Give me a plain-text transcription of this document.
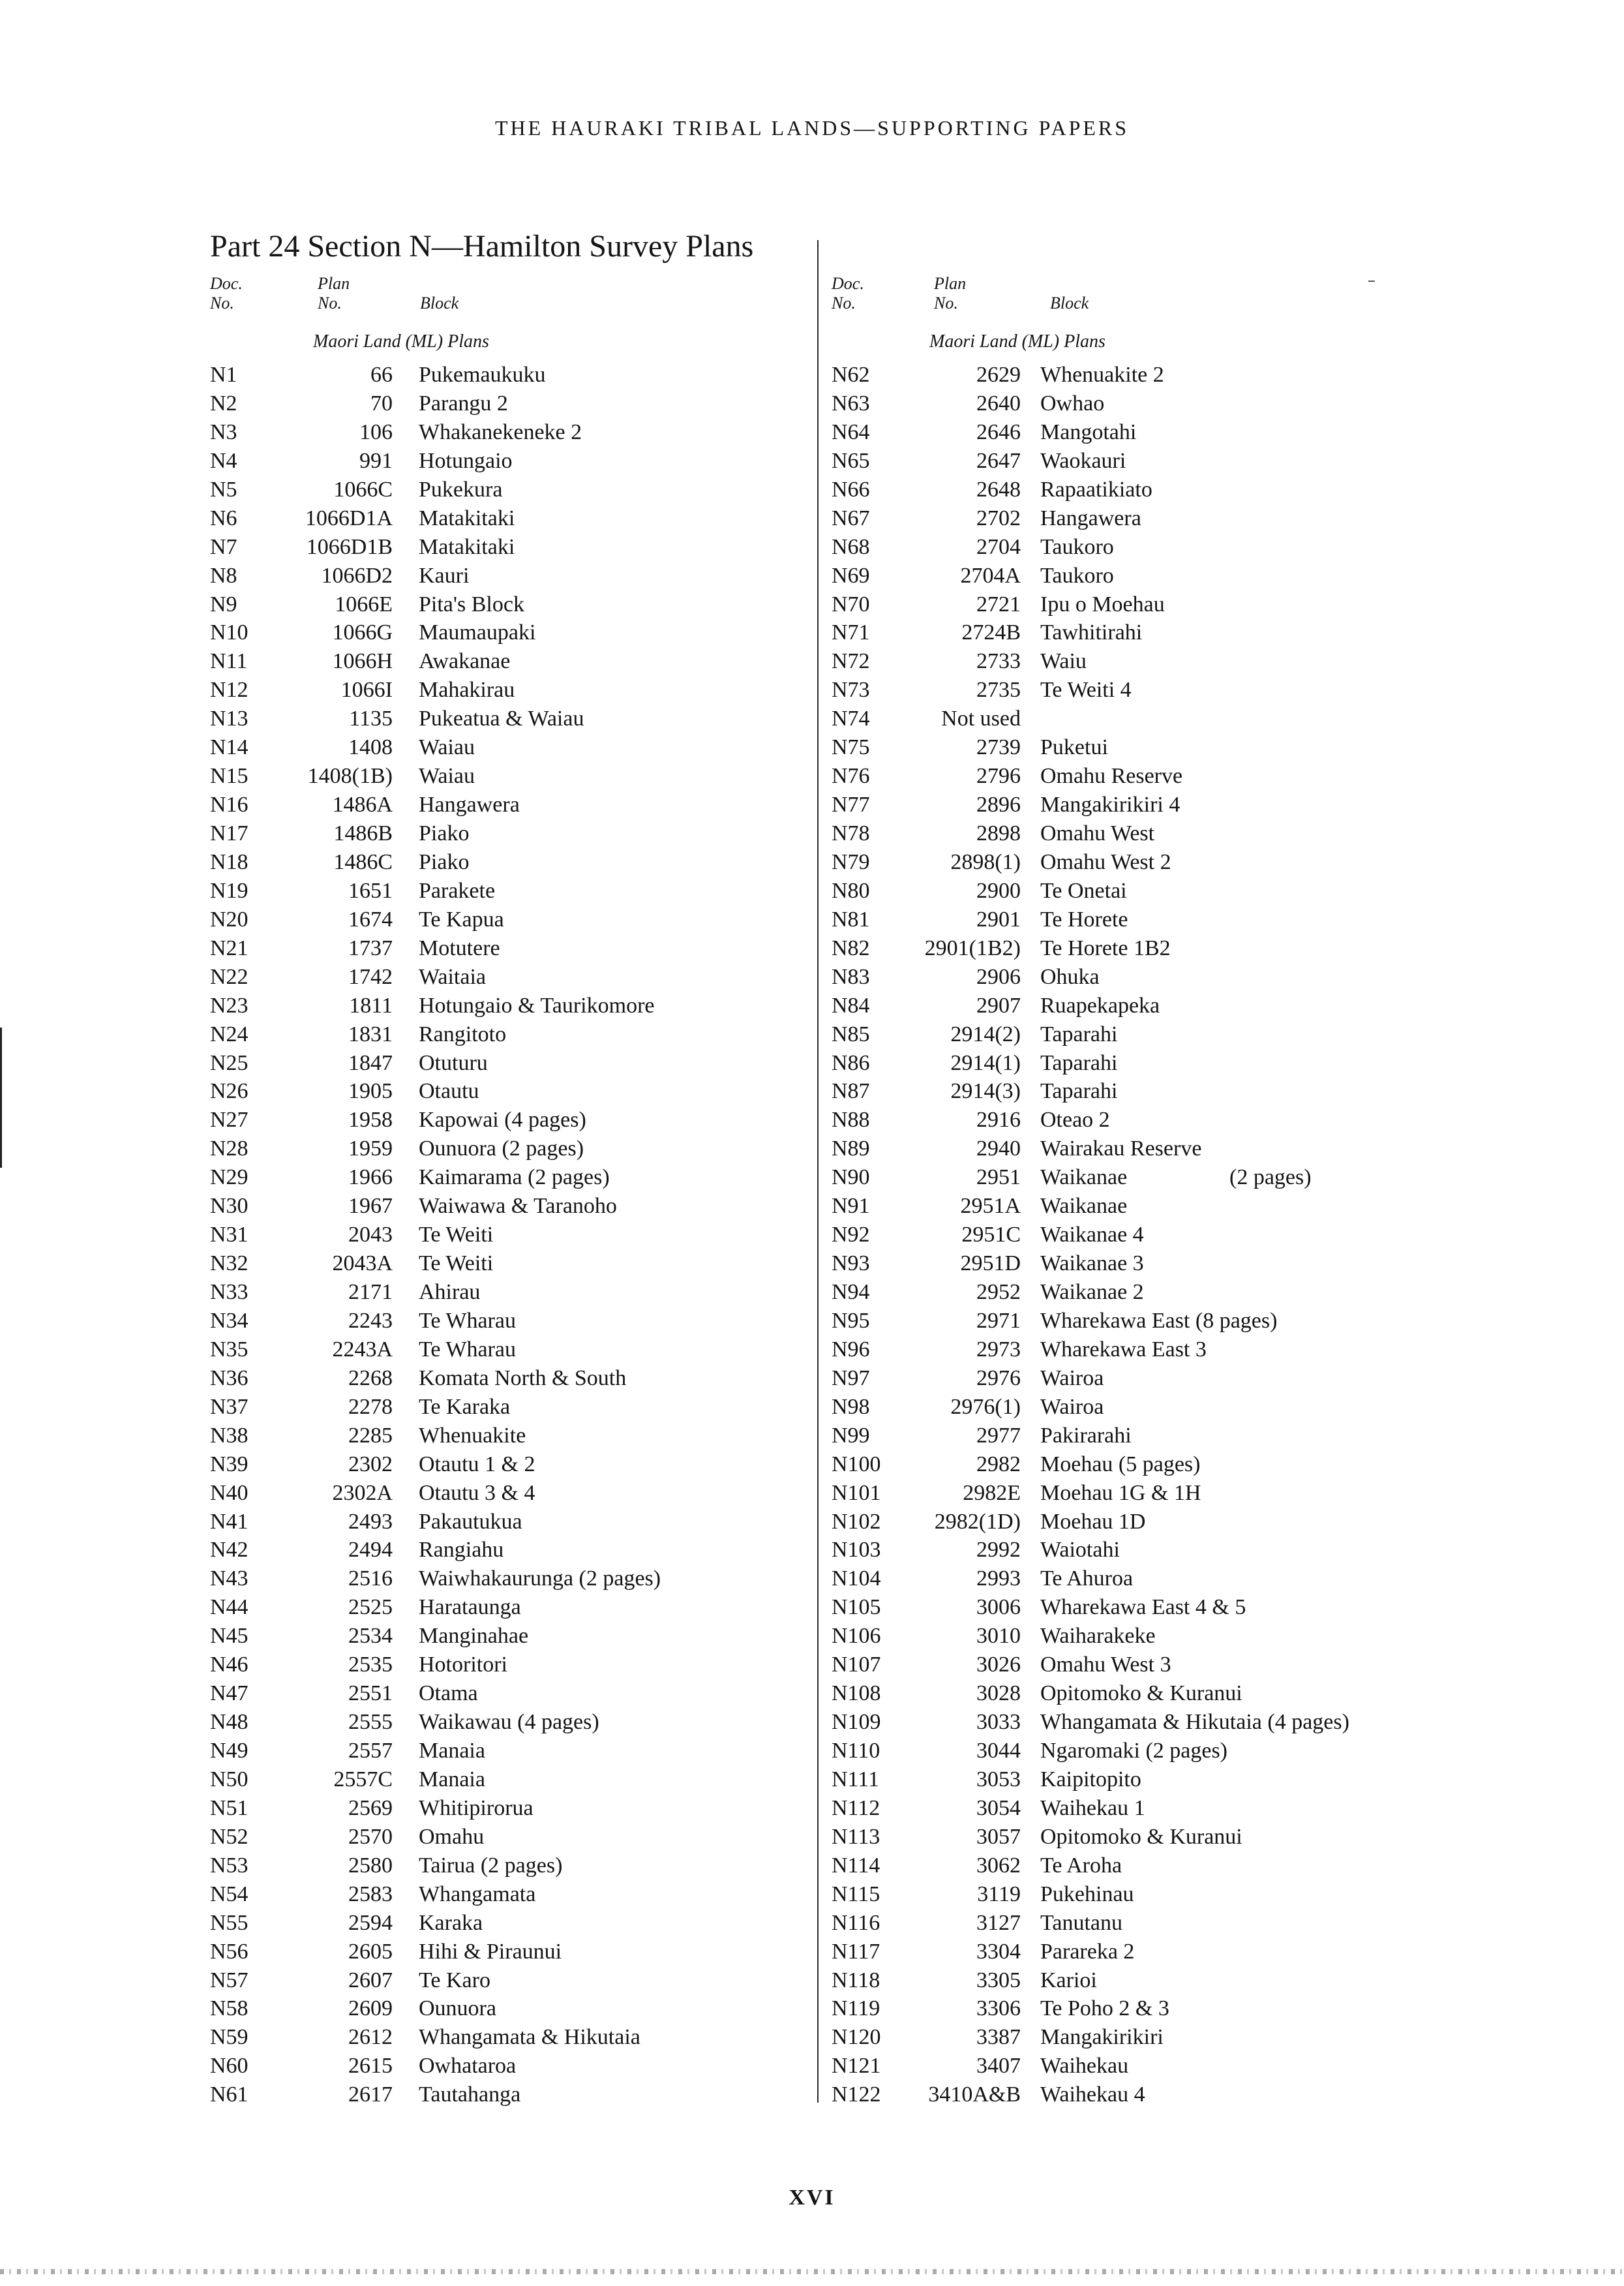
THE HAURAKI TRIBAL LANDS—SUPPORTING PAPERS
Part 24 Section N—Hamilton Survey Plans
Doc. No.
Plan No.	Block
Maori Land (ML) Plans
N1	66 Pukemaukuku
N2	70 Parangu 2
N3	106 Whakanekeneke 2
N4	991 Hotungaio
N5	1066C Pukekura
N6	1066D1A Matakitaki
N7	1066D1B Matakitaki
N8	1066D2 Kauri
N9	1066E Pita's Block
N10	1066G Maumaupaki
N11	1066H Awakanae
N12	1066I Mahakirau
N13	1135 Pukeatua & Waiau
N14	1408 Waiau
N15	1408(1B) Waiau
N16	1486A Hangawera
N17	1486B Piako
N18	1486C Piako
N19	1651 Parakete
N20	1674 Te Kapua
N21	1737 Motutere
N22	1742 Waitaia
N23	1811 Hotungaio & Taurikomore
N24	1831 Rangitoto
N25	1847 Otuturu
N26	1905 Otautu
N27	1958 Kapowai (4 pages)
N28	1959 Ounuora (2 pages)
N29	1966 Kaimarama (2 pages)
N30	1967 Waiwawa & Taranoho
N31	2043 Te Weiti
N32	2043A Te Weiti
N33	2171 Ahirau
N34	2243 Te Wharau
N35	2243A Te Wharau
N36	2268 Komata North & South
N37	2278 Te Karaka
N38	2285 Whenuakite
N39	2302 Otautu 1 & 2
N40	2302A Otautu 3 & 4
N41	2493 Pakautukua
N42	2494 Rangiahu
N43	2516 Waiwhakaurunga (2 pages)
N44	2525 Harataunga
N45	2534 Manginahae
N46	2535 Hotoritori
N47	2551 Otama
N48	2555 Waikawau (4 pages)
N49	2557 Manaia
N50	2557C Manaia
N51	2569 Whitipirorua
N52	2570 Omahu
N53	2580 Tairua (2 pages)
N54	2583 Whangamata
N55	2594 Karaka
N56	2605 Hihi & Piraunui
N57	2607 Te Karo
N58	2609 Ounuora
N59	2612 Whangamata & Hikutaia
N60	2615 Owhataroa
N61	2617 Tautahanga
Doc. No.
Plan No.	Block
Maori Land (ML) Plans
N62	2629 Whenuakite 2
N63	2640 Owhao
N64	2646 Mangotahi
N65	2647 Waokauri
N66	2648 Rapaatikiato
N67	2702 Hangawera
N68	2704 Taukoro
N69	2704A Taukoro
N70	2721 Ipu o Moehau
N71	2724B Tawhitirahi
N72	2733 Waiu
N73	2735 Te Weiti 4
N74	Not used
N75	2739 Puketui
N76	2796 Omahu Reserve
N77	2896 Mangakirikiri 4
N78	2898 Omahu West
N79	2898(1) Omahu West 2
N80	2900 Te Onetai
N81	2901 Te Horete
N82	2901(1B2) Te Horete 1B2
N83	2906 Ohuka
N84	2907 Ruapekapeka
N85	2914(2) Taparahi
N86	2914(1) Taparahi
N87	2914(3) Taparahi
N88	2916 Oteao 2
N89	2940 Wairakau Reserve
N90	2951 Waikanae	(2 pages)
N91	2951A Waikanae
N92	2951C Waikanae 4
N93	2951D Waikanae 3
N94	2952 Waikanae 2
N95	2971 Wharekawa East (8 pages)
N96	2973 Wharekawa East 3
N97	2976 Wairoa
N98	2976(1) Wairoa
N99	2977 Pakirarahi
N100	2982 Moehau (5 pages)
N101	2982E Moehau 1G & 1H
N102	2982(1D) Moehau 1D
N103	2992 Waiotahi
N104	2993 Te Ahuroa
N105	3006 Wharekawa East 4 & 5
N106	3010 Waiharakeke
N107	3026 Omahu West 3
N108	3028 Opitomoko & Kuranui
N109	3033 Whangamata & Hikutaia (4 pages)
N110	3044 Ngaromaki (2 pages)
N111	3053 Kaipitopito
N112	3054 Waihekau 1
N113	3057 Opitomoko & Kuranui
N114	3062 Te Aroha
N115	3119 Pukehinau
N116	3127 Tanutanu
N117	3304 Parareka 2
N118	3305 Karioi
N119	3306 Te Poho 2 & 3
N120	3387 Mangakirikiri
N121	3407 Waihekau
N122	3410A&B Waihekau 4
XVI
